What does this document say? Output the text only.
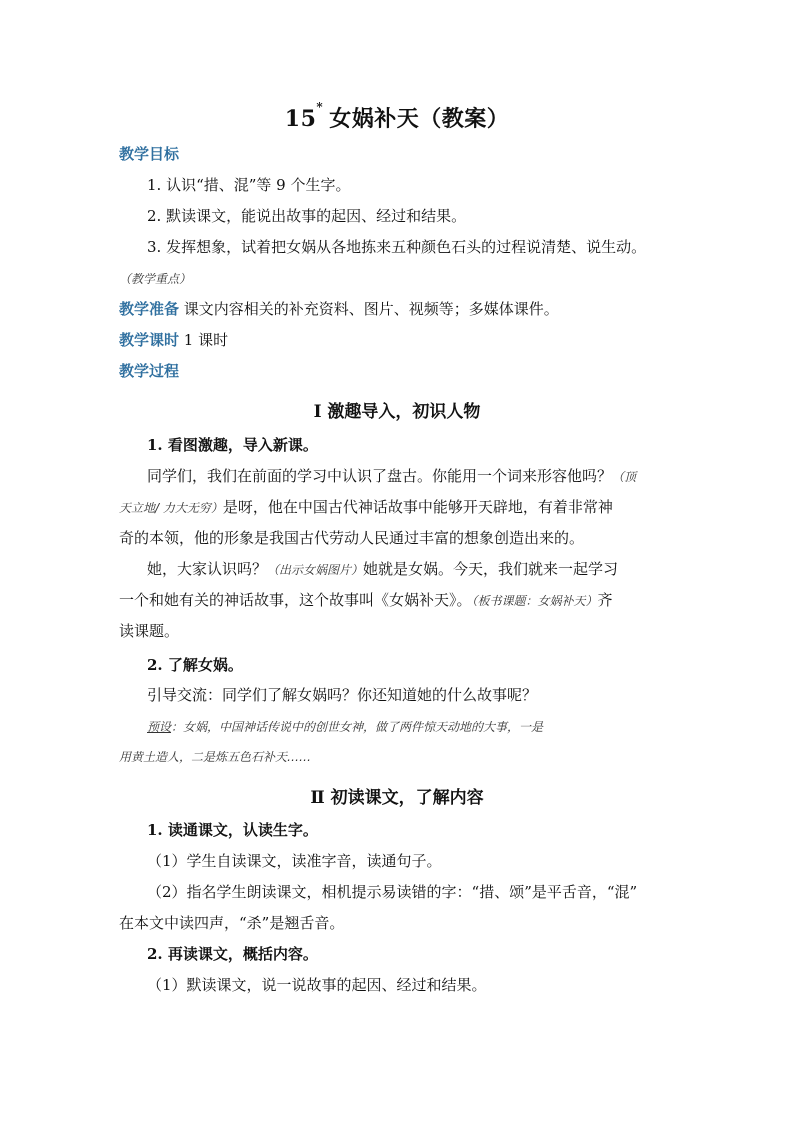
15* 女娲补天（教案）
教学目标
1. 认识“措、混”等 9 个生字。
2. 默读课文，能说出故事的起因、经过和结果。
3. 发挥想象，试着把女娲从各地拣来五种颜色石头的过程说清楚、说生动。
（教学重点）
教学准备 课文内容相关的补充资料、图片、视频等；多媒体课件。
教学课时 1 课时
教学过程
Ⅰ 激趣导入，初识人物
1. 看图激趣，导入新课。
同学们，我们在前面的学习中认识了盘古。你能用一个词来形容他吗？（顶
天立地/ 力大无穷）是呀，他在中国古代神话故事中能够开天辟地，有着非常神
奇的本领，他的形象是我国古代劳动人民通过丰富的想象创造出来的。
她，大家认识吗？（出示女娲图片）她就是女娲。今天，我们就来一起学习
一个和她有关的神话故事，这个故事叫《女娲补天》。（板书课题：女娲补天）齐
读课题。
2. 了解女娲。
引导交流：同学们了解女娲吗？你还知道她的什么故事呢？
预设：女娲，中国神话传说中的创世女神，做了两件惊天动地的大事，一是
用黄土造人，二是炼五色石补天……
Ⅱ 初读课文，了解内容
1. 读通课文，认读生字。
（1）学生自读课文，读准字音，读通句子。
（2）指名学生朗读课文，相机提示易读错的字：“措、颂”是平舌音，“混”
在本文中读四声，“杀”是翘舌音。
2. 再读课文，概括内容。
（1）默读课文，说一说故事的起因、经过和结果。
